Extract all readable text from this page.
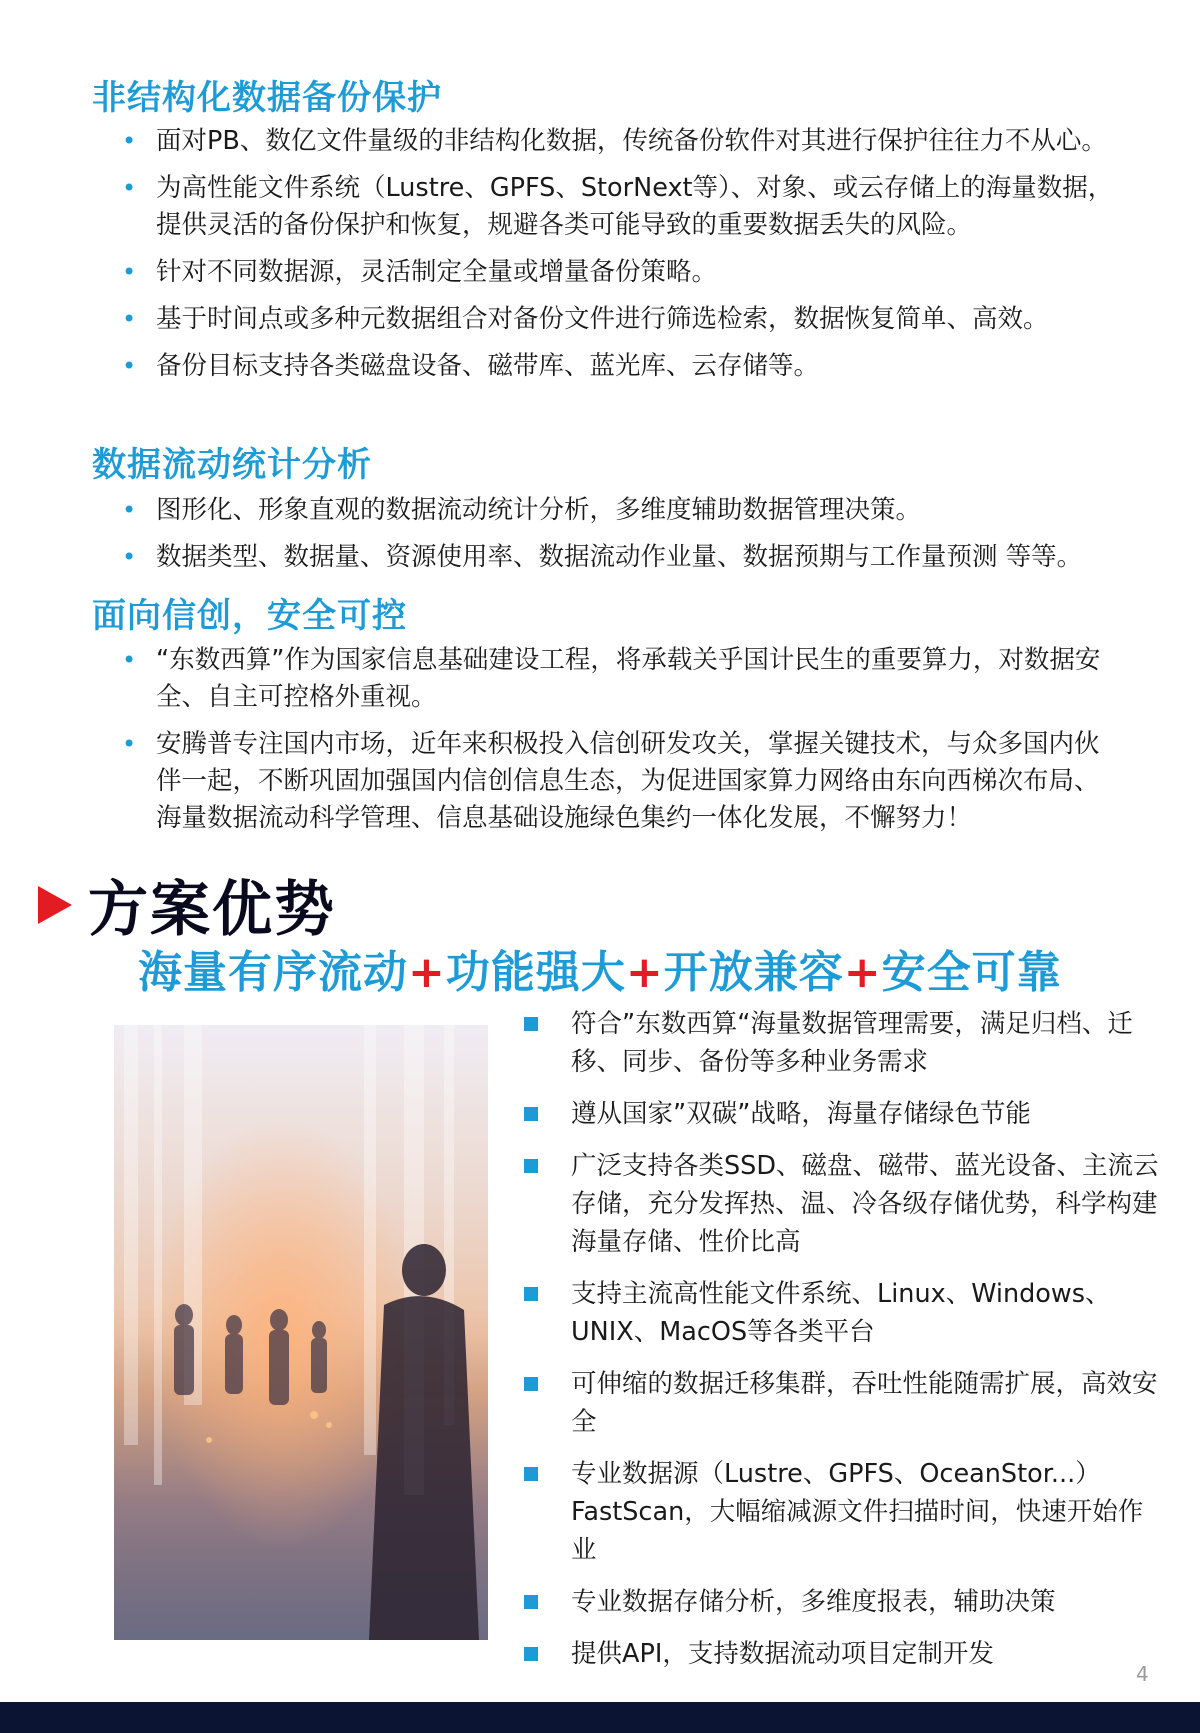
非结构化数据备份保护
• 面对PB、数亿文件量级的非结构化数据，传统备份软件对其进行保护往往力不从心。
• 为高性能文件系统（Lustre、GPFS、StorNext等）、对象、或云存储上的海量数据，提供灵活的备份保护和恢复，规避各类可能导致的重要数据丢失的风险。
• 针对不同数据源，灵活制定全量或增量备份策略。
• 基于时间点或多种元数据组合对备份文件进行筛选检索，数据恢复简单、高效。
• 备份目标支持各类磁盘设备、磁带库、蓝光库、云存储等。
数据流动统计分析
• 图形化、形象直观的数据流动统计分析，多维度辅助数据管理决策。
• 数据类型、数据量、资源使用率、数据流动作业量、数据预期与工作量预测 等等。
面向信创，安全可控
• “东数西算”作为国家信息基础建设工程，将承载关乎国计民生的重要算力，对数据安全、自主可控格外重视。
• 安腾普专注国内市场，近年来积极投入信创研发攻关，掌握关键技术，与众多国内伙伴一起，不断巩固加强国内信创信息生态，为促进国家算力网络由东向西梯次布局、海量数据流动科学管理、信息基础设施绿色集约一体化发展，不懈努力！
方案优势
海量有序流动+功能强大+开放兼容+安全可靠
符合”东数西算“海量数据管理需要，满足归档、迁移、同步、备份等多种业务需求
遵从国家”双碳”战略，海量存储绿色节能
广泛支持各类SSD、磁盘、磁带、蓝光设备、主流云存储，充分发挥热、温、冷各级存储优势，科学构建海量存储、性价比高
支持主流高性能文件系统、Linux、Windows、UNIX、MacOS等各类平台
可伸缩的数据迁移集群，吞吐性能随需扩展，高效安全
专业数据源（Lustre、GPFS、OceanStor...）FastScan，大幅缩减源文件扫描时间，快速开始作业
专业数据存储分析，多维度报表，辅助决策
提供API，支持数据流动项目定制开发
4
